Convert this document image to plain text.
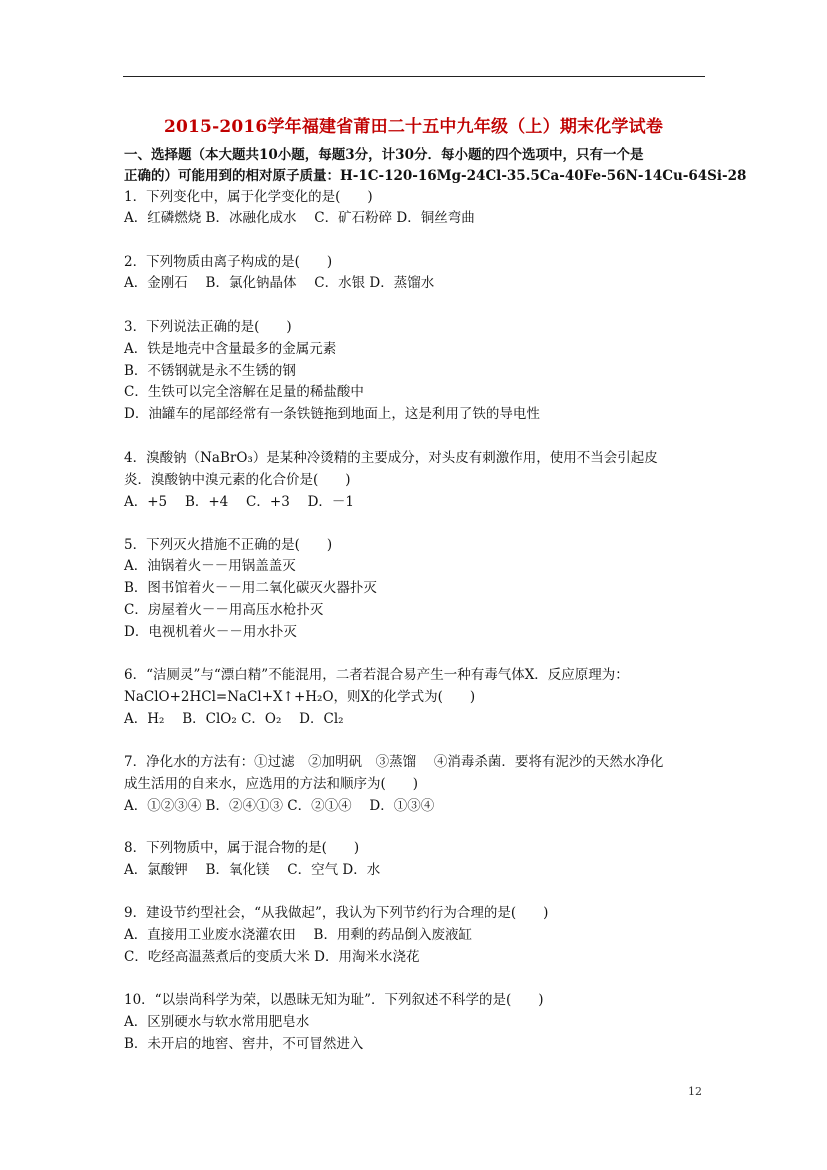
2015-2016学年福建省莆田二十五中九年级（上）期末化学试卷
一、选择题（本大题共10小题，每题3分，计30分．每小题的四个选项中，只有一个是
正确的）可能用到的相对原子质量：H-1C-120-16Mg-24Cl-35.5Ca-40Fe-56N-14Cu-64Si-28
1．下列变化中，属于化学变化的是(　　)
A．红磷燃烧 B．冰融化成水　 C．矿石粉碎 D．铜丝弯曲
2．下列物质由离子构成的是(　　)
A．金刚石　 B．氯化钠晶体　 C．水银 D．蒸馏水
3．下列说法正确的是(　　)
A．铁是地壳中含量最多的金属元素
B．不锈钢就是永不生锈的钢
C．生铁可以完全溶解在足量的稀盐酸中
D．油罐车的尾部经常有一条铁链拖到地面上，这是利用了铁的导电性
4．溴酸钠（NaBrO₃）是某种冷烫精的主要成分，对头皮有刺激作用，使用不当会引起皮
炎．溴酸钠中溴元素的化合价是(　　)
A．+5　 B．+4　 C．+3　 D．－1
5．下列灭火措施不正确的是(　　)
A．油锅着火－－用锅盖盖灭
B．图书馆着火－－用二氧化碳灭火器扑灭
C．房屋着火－－用高压水枪扑灭
D．电视机着火－－用水扑灭
6．“洁厕灵”与“漂白精”不能混用，二者若混合易产生一种有毒气体X．反应原理为：
NaClO+2HCl=NaCl+X↑+H₂O，则X的化学式为(　　)
A．H₂　 B．ClO₂ C．O₂　 D．Cl₂
7．净化水的方法有：①过滤　②加明矾　③蒸馏　 ④消毒杀菌．要将有泥沙的天然水净化
成生活用的自来水，应选用的方法和顺序为(　　)
A．①②③④ B．②④①③ C．②①④　 D．①③④
8．下列物质中，属于混合物的是(　　)
A．氯酸钾　 B．氧化镁　 C．空气 D．水
9．建设节约型社会，“从我做起”，我认为下列节约行为合理的是(　　)
A．直接用工业废水浇灌农田　 B．用剩的药品倒入废液缸
C．吃经高温蒸煮后的变质大米 D．用淘米水浇花
10．“以崇尚科学为荣，以愚昧无知为耻”．下列叙述不科学的是(　　)
A．区别硬水与软水常用肥皂水
B．未开启的地窖、窖井，不可冒然进入
12
